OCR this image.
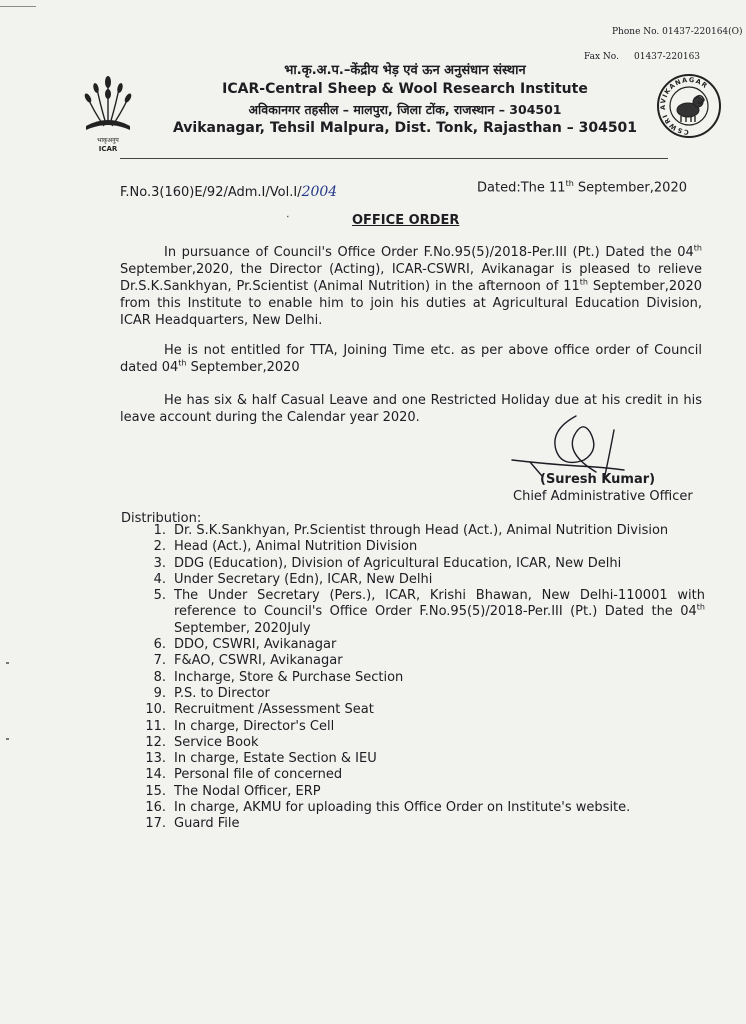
Phone No. 01437-220164(O)
Fax No. 01437-220163
भाकृअनुप
ICAR
भा.कृ.अ.प.–केंद्रीय भेड़ एवं ऊन अनुसंधान संस्थान
ICAR-Central Sheep & Wool Research Institute
अविकानगर तहसील – मालपुरा, जिला टोंक, राजस्थान – 304501
Avikanagar, Tehsil Malpura, Dist. Tonk, Rajasthan – 304501	CSWRI AVIKANAGAR
F.No.3(160)E/92/Adm.I/Vol.I/2004	Dated:The 11th September,2020
⸼
OFFICE ORDER
In pursuance of Council's Office Order F.No.95(5)/2018-Per.III (Pt.) Dated the 04th September,2020, the Director (Acting), ICAR-CSWRI, Avikanagar is pleased to relieve Dr.S.K.Sankhyan, Pr.Scientist (Animal Nutrition) in the afternoon of 11th September,2020 from this Institute to enable him to join his duties at Agricultural Education Division, ICAR Headquarters, New Delhi.
He is not entitled for TTA, Joining Time etc. as per above office order of Council dated 04th September,2020
He has six & half Casual Leave and one Restricted Holiday due at his credit in his leave account during the Calendar year 2020.
(Suresh Kumar)
Chief Administrative Officer
Distribution:
1. Dr. S.K.Sankhyan, Pr.Scientist through Head (Act.), Animal Nutrition Division
2. Head (Act.), Animal Nutrition Division
3. DDG (Education), Division of Agricultural Education, ICAR, New Delhi
4. Under Secretary (Edn), ICAR, New Delhi
5. The Under Secretary (Pers.), ICAR, Krishi Bhawan, New Delhi-110001 with reference to Council's Office Order F.No.95(5)/2018-Per.III (Pt.) Dated the 04th September, 2020July
6. DDO, CSWRI, Avikanagar
7. F&AO, CSWRI, Avikanagar
8. Incharge, Store & Purchase Section
9. P.S. to Director
10. Recruitment /Assessment Seat
11. In charge, Director's Cell
12. Service Book
13. In charge, Estate Section & IEU
14. Personal file of concerned
15. The Nodal Officer, ERP
16. In charge, AKMU for uploading this Office Order on Institute's website.
17. Guard File
